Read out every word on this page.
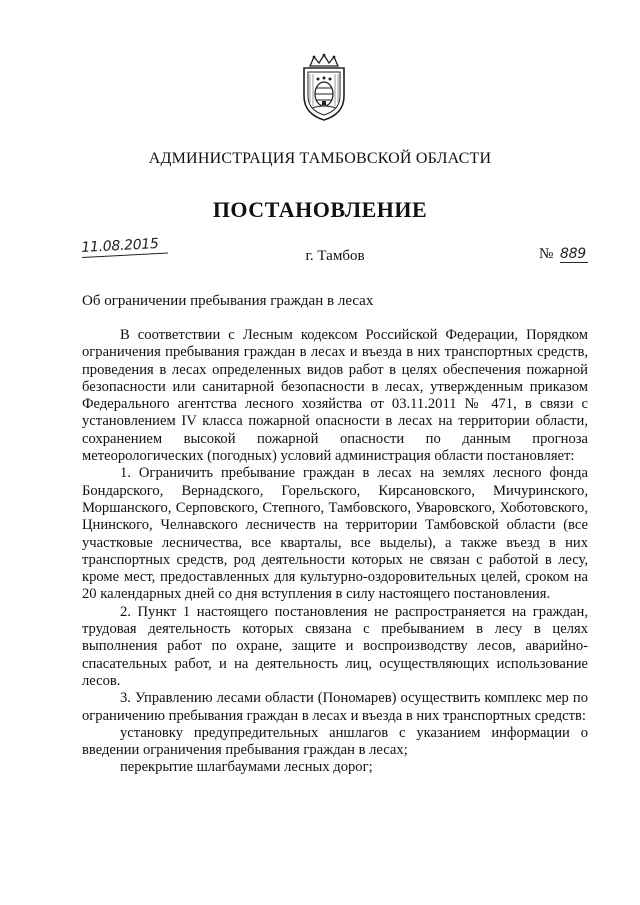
АДМИНИСТРАЦИЯ ТАМБОВСКОЙ ОБЛАСТИ
ПОСТАНОВЛЕНИЕ
11.08.2015	г. Тамбов	№ 889
Об ограничении пребывания граждан в лесах

В соответствии с Лесным кодексом Российской Федерации, Порядком ограничения пребывания граждан в лесах и въезда в них транспортных средств, проведения в лесах определенных видов работ в целях обеспечения пожарной безопасности или санитарной безопасности в лесах, утвержденным приказом Федерального агентства лесного хозяйства от 03.11.2011 № 471, в связи с установлением IV класса пожарной опасности в лесах на территории области, сохранением высокой пожарной опасности по данным прогноза метеорологических (погодных) условий администрация области постановляет:

1. Ограничить пребывание граждан в лесах на землях лесного фонда Бондарского, Вернадского, Горельского, Кирсановского, Мичуринского, Моршанского, Серповского, Степного, Тамбовского, Уваровского, Хоботовского, Цнинского, Челнавского лесничеств на территории Тамбовской области (все участковые лесничества, все кварталы, все выделы), а также въезд в них транспортных средств, род деятельности которых не связан с работой в лесу, кроме мест, предоставленных для культурно-оздоровительных целей, сроком на 20 календарных дней со дня вступления в силу настоящего постановления.

2. Пункт 1 настоящего постановления не распространяется на граждан, трудовая деятельность которых связана с пребыванием в лесу в целях выполнения работ по охране, защите и воспроизводству лесов, аварийно-спасательных работ, и на деятельность лиц, осуществляющих использование лесов.

3. Управлению лесами области (Пономарев) осуществить комплекс мер по ограничению пребывания граждан в лесах и въезда в них транспортных средств:

установку предупредительных аншлагов с указанием информации о введении ограничения пребывания граждан в лесах;

перекрытие шлагбаумами лесных дорог;
